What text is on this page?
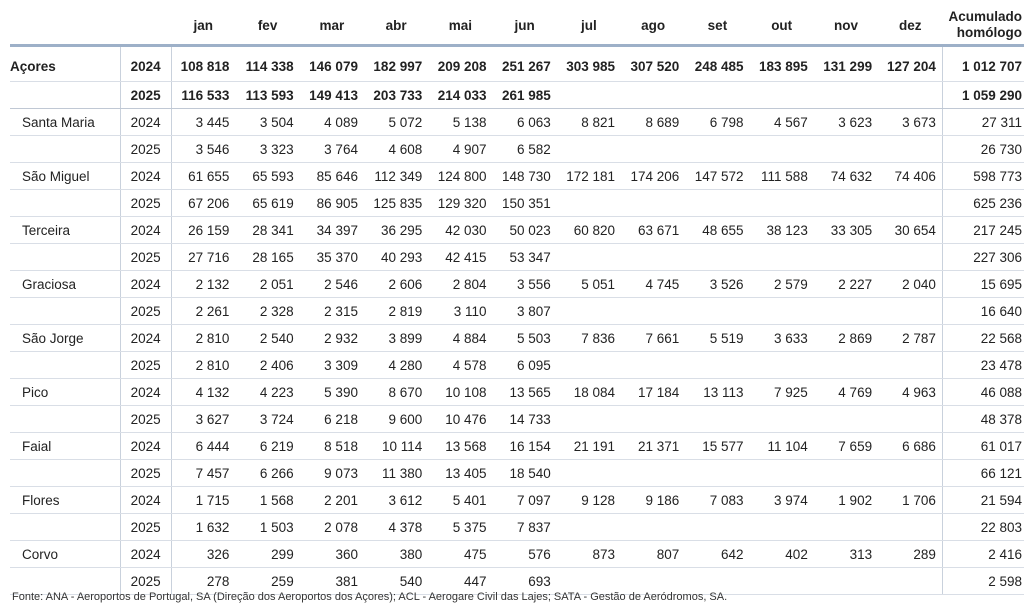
		jan	fev	mar	abr	mai	jun	jul	ago	set	out	nov	dez	Acumulado
homólogo
Açores	2024	108 818	114 338	146 079	182 997	209 208	251 267	303 985	307 520	248 485	183 895	131 299	127 204	1 012 707
	2025	116 533	113 593	149 413	203 733	214 033	261 985							1 059 290
Santa Maria	2024	3 445	3 504	4 089	5 072	5 138	6 063	8 821	8 689	6 798	4 567	3 623	3 673	27 311
	2025	3 546	3 323	3 764	4 608	4 907	6 582							26 730
São Miguel	2024	61 655	65 593	85 646	112 349	124 800	148 730	172 181	174 206	147 572	111 588	74 632	74 406	598 773
	2025	67 206	65 619	86 905	125 835	129 320	150 351							625 236
Terceira	2024	26 159	28 341	34 397	36 295	42 030	50 023	60 820	63 671	48 655	38 123	33 305	30 654	217 245
	2025	27 716	28 165	35 370	40 293	42 415	53 347							227 306
Graciosa	2024	2 132	2 051	2 546	2 606	2 804	3 556	5 051	4 745	3 526	2 579	2 227	2 040	15 695
	2025	2 261	2 328	2 315	2 819	3 110	3 807							16 640
São Jorge	2024	2 810	2 540	2 932	3 899	4 884	5 503	7 836	7 661	5 519	3 633	2 869	2 787	22 568
	2025	2 810	2 406	3 309	4 280	4 578	6 095							23 478
Pico	2024	4 132	4 223	5 390	8 670	10 108	13 565	18 084	17 184	13 113	7 925	4 769	4 963	46 088
	2025	3 627	3 724	6 218	9 600	10 476	14 733							48 378
Faial	2024	6 444	6 219	8 518	10 114	13 568	16 154	21 191	21 371	15 577	11 104	7 659	6 686	61 017
	2025	7 457	6 266	9 073	11 380	13 405	18 540							66 121
Flores	2024	1 715	1 568	2 201	3 612	5 401	7 097	9 128	9 186	7 083	3 974	1 902	1 706	21 594
	2025	1 632	1 503	2 078	4 378	5 375	7 837							22 803
Corvo	2024	326	299	360	380	475	576	873	807	642	402	313	289	2 416
	2025	278	259	381	540	447	693							2 598
Fonte: ANA - Aeroportos de Portugal, SA (Direção dos Aeroportos dos Açores); ACL - Aerogare Civil das Lajes; SATA - Gestão de Aeródromos, SA.
